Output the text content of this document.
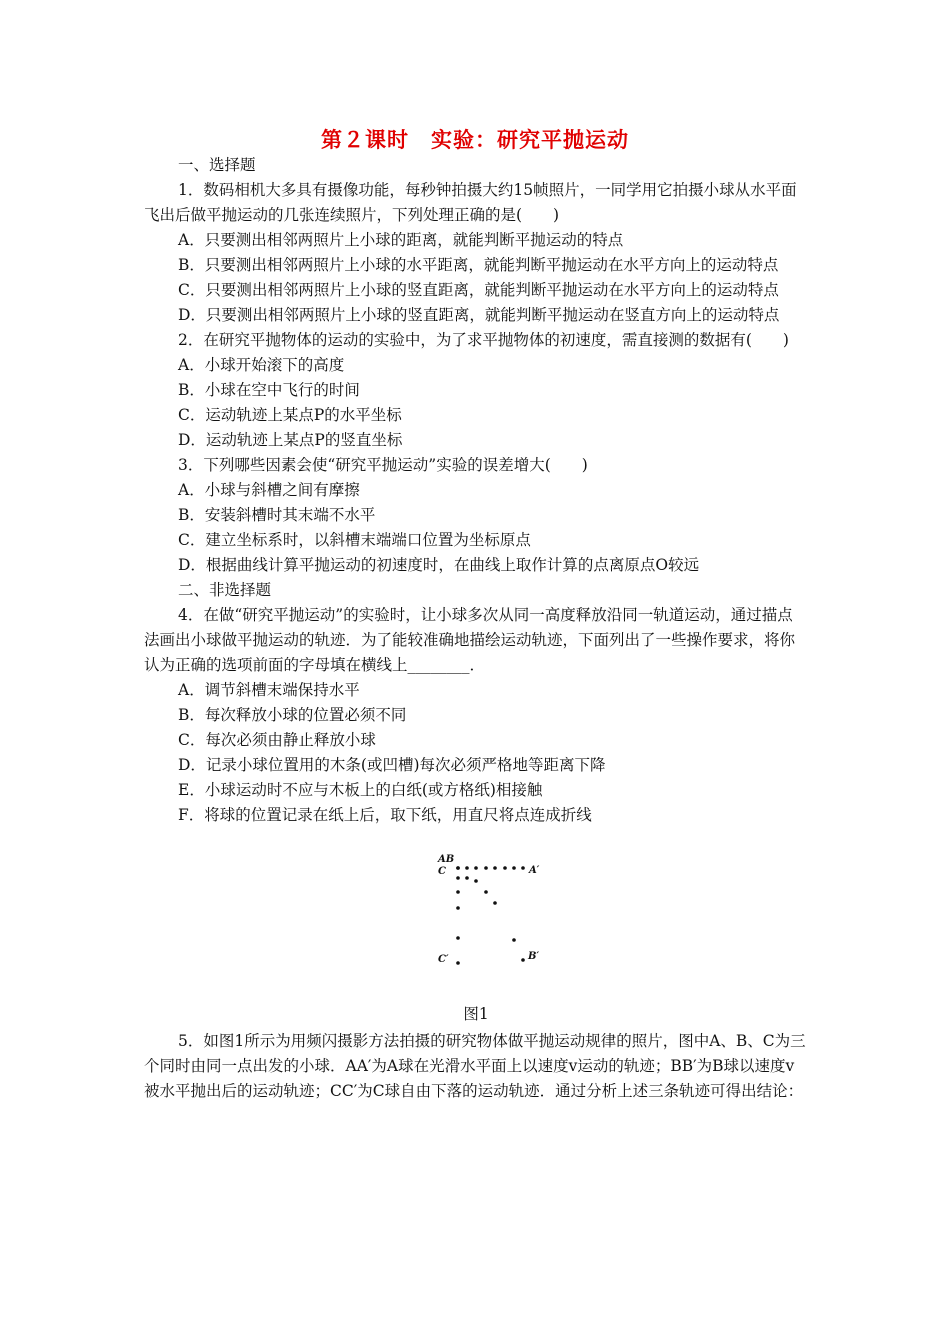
第２课时　实验：研究平抛运动

一、选择题

1．数码相机大多具有摄像功能，每秒钟拍摄大约15帧照片，一同学用它拍摄小球从水平面飞出后做平抛运动的几张连续照片，下列处理正确的是(　　)

A．只要测出相邻两照片上小球的距离，就能判断平抛运动的特点

B．只要测出相邻两照片上小球的水平距离，就能判断平抛运动在水平方向上的运动特点

C．只要测出相邻两照片上小球的竖直距离，就能判断平抛运动在水平方向上的运动特点

D．只要测出相邻两照片上小球的竖直距离，就能判断平抛运动在竖直方向上的运动特点

2．在研究平抛物体的运动的实验中，为了求平抛物体的初速度，需直接测的数据有(　　)

A．小球开始滚下的高度

B．小球在空中飞行的时间

C．运动轨迹上某点P的水平坐标

D．运动轨迹上某点P的竖直坐标

3．下列哪些因素会使“研究平抛运动”实验的误差增大(　　)

A．小球与斜槽之间有摩擦

B．安装斜槽时其末端不水平

C．建立坐标系时，以斜槽末端端口位置为坐标原点

D．根据曲线计算平抛运动的初速度时，在曲线上取作计算的点离原点O较远

二、非选择题

4．在做“研究平抛运动”的实验时，让小球多次从同一高度释放沿同一轨道运动，通过描点法画出小球做平抛运动的轨迹．为了能较准确地描绘运动轨迹，下面列出了一些操作要求，将你认为正确的选项前面的字母填在横线上________．

A．调节斜槽末端保持水平

B．每次释放小球的位置必须不同

C．每次必须由静止释放小球

D．记录小球位置用的木条(或凹槽)每次必须严格地等距离下降

E．小球运动时不应与木板上的白纸(或方格纸)相接触

F．将球的位置记录在纸上后，取下纸，用直尺将点连成折线

AB
C	A′
C′	B′

图1

5．如图1所示为用频闪摄影方法拍摄的研究物体做平抛运动规律的照片，图中A、B、C为三个同时由同一点出发的小球．AA′为A球在光滑水平面上以速度v运动的轨迹；BB′为B球以速度v被水平抛出后的运动轨迹；CC′为C球自由下落的运动轨迹．通过分析上述三条轨迹可得出结论：
